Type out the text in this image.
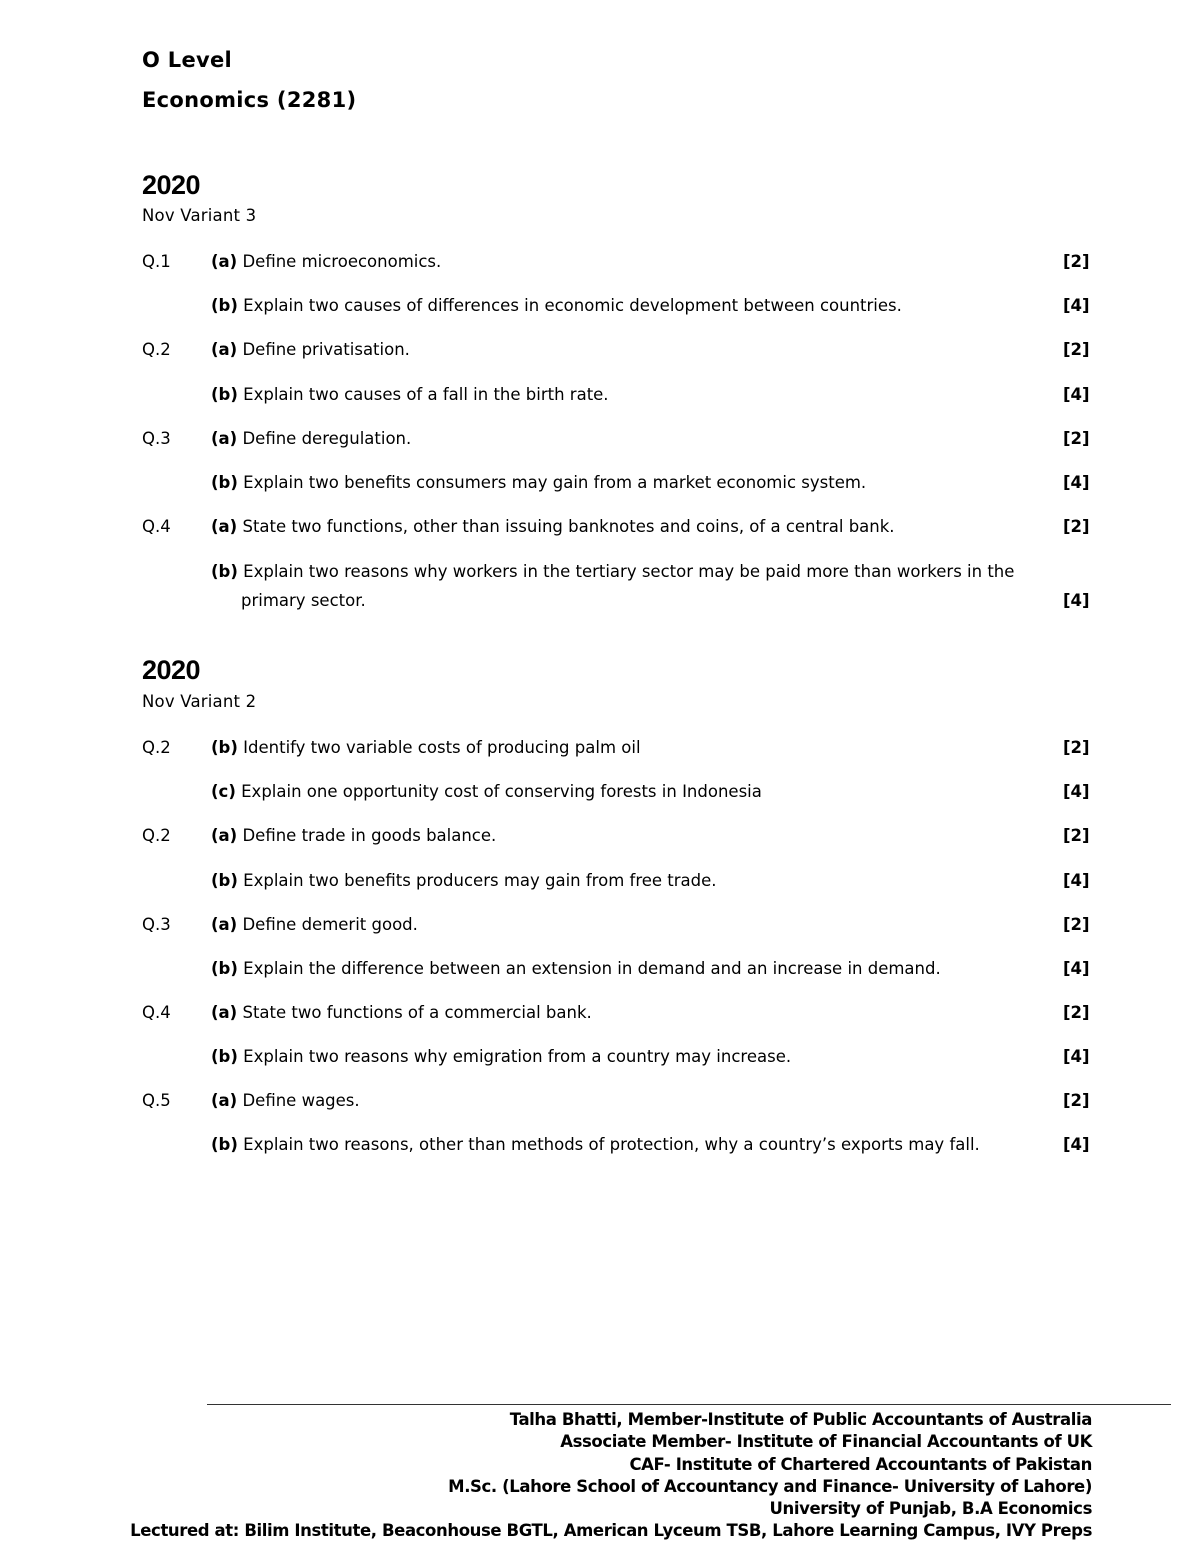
O Level
Economics (2281)
2020
Nov Variant 3
Q.1 (a) Define microeconomics.	[2]
(b) Explain two causes of differences in economic development between countries.	[4]
Q.2 (a) Define privatisation.	[2]
(b) Explain two causes of a fall in the birth rate.	[4]
Q.3 (a) Define deregulation.	[2]
(b) Explain two benefits consumers may gain from a market economic system.	[4]
Q.4 (a) State two functions, other than issuing banknotes and coins, of a central bank.	[2]
(b) Explain two reasons why workers in the tertiary sector may be paid more than workers in the
primary sector.	[4]
2020
Nov Variant 2
Q.2 (b) Identify two variable costs of producing palm oil	[2]
(c) Explain one opportunity cost of conserving forests in Indonesia	[4]
Q.2 (a) Define trade in goods balance.	[2]
(b) Explain two benefits producers may gain from free trade.	[4]
Q.3 (a) Define demerit good.	[2]
(b) Explain the difference between an extension in demand and an increase in demand.	[4]
Q.4 (a) State two functions of a commercial bank.	[2]
(b) Explain two reasons why emigration from a country may increase.	[4]
Q.5 (a) Define wages.	[2]
(b) Explain two reasons, other than methods of protection, why a country’s exports may fall.	[4]
Talha Bhatti, Member-Institute of Public Accountants of Australia
Associate Member- Institute of Financial Accountants of UK
CAF- Institute of Chartered Accountants of Pakistan
M.Sc. (Lahore School of Accountancy and Finance- University of Lahore)
University of Punjab, B.A Economics
Lectured at: Bilim Institute, Beaconhouse BGTL, American Lyceum TSB, Lahore Learning Campus, IVY Preps
